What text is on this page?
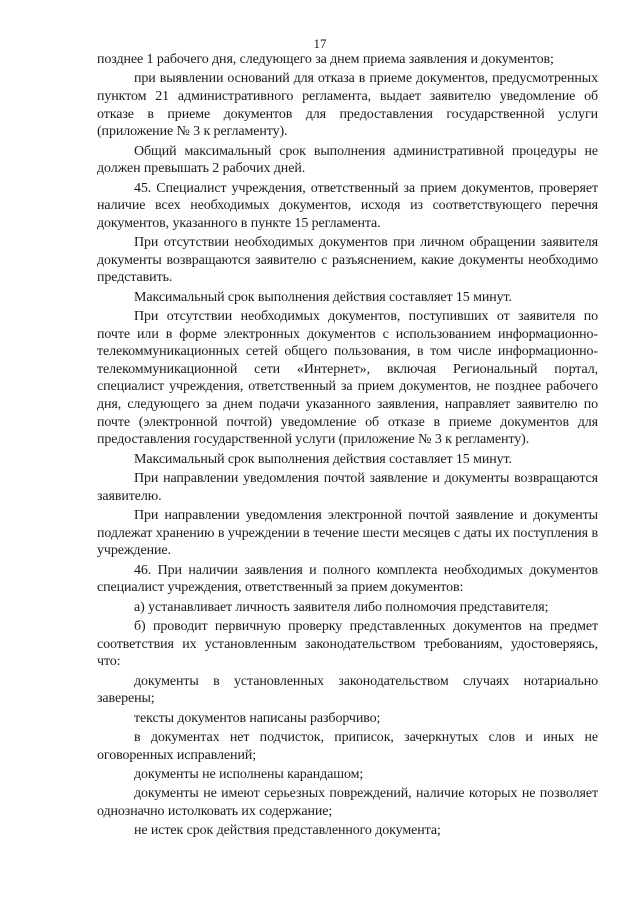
17

позднее 1 рабочего дня, следующего за днем приема заявления и документов;

при выявлении оснований для отказа в приеме документов, предусмотренных пунктом 21 административного регламента, выдает заявителю уведомление об отказе в приеме документов для предоставления государственной услуги (приложение № 3 к регламенту).

Общий максимальный срок выполнения административной процедуры не должен превышать 2 рабочих дней.

45. Специалист учреждения, ответственный за прием документов, проверяет наличие всех необходимых документов, исходя из соответствующего перечня документов, указанного в пункте 15 регламента.

При отсутствии необходимых документов при личном обращении заявителя документы возвращаются заявителю с разъяснением, какие документы необходимо представить.

Максимальный срок выполнения действия составляет 15 минут.

При отсутствии необходимых документов, поступивших от заявителя по почте или в форме электронных документов с использованием информационно-телекоммуникационных сетей общего пользования, в том числе информационно-телекоммуникационной сети «Интернет», включая Региональный портал, специалист учреждения, ответственный за прием документов, не позднее рабочего дня, следующего за днем подачи указанного заявления, направляет заявителю по почте (электронной почтой) уведомление об отказе в приеме документов для предоставления государственной услуги (приложение № 3 к регламенту).

Максимальный срок выполнения действия составляет 15 минут.

При направлении уведомления почтой заявление и документы возвращаются заявителю.

При направлении уведомления электронной почтой заявление и документы подлежат хранению в учреждении в течение шести месяцев с даты их поступления в учреждение.

46. При наличии заявления и полного комплекта необходимых документов специалист учреждения, ответственный за прием документов:

а) устанавливает личность заявителя либо полномочия представителя;

б) проводит первичную проверку представленных документов на предмет соответствия их установленным законодательством требованиям, удостоверяясь, что:

документы в установленных законодательством случаях нотариально заверены;

тексты документов написаны разборчиво;

в документах нет подчисток, приписок, зачеркнутых слов и иных не оговоренных исправлений;

документы не исполнены карандашом;

документы не имеют серьезных повреждений, наличие которых не позволяет однозначно истолковать их содержание;

не истек срок действия представленного документа;
